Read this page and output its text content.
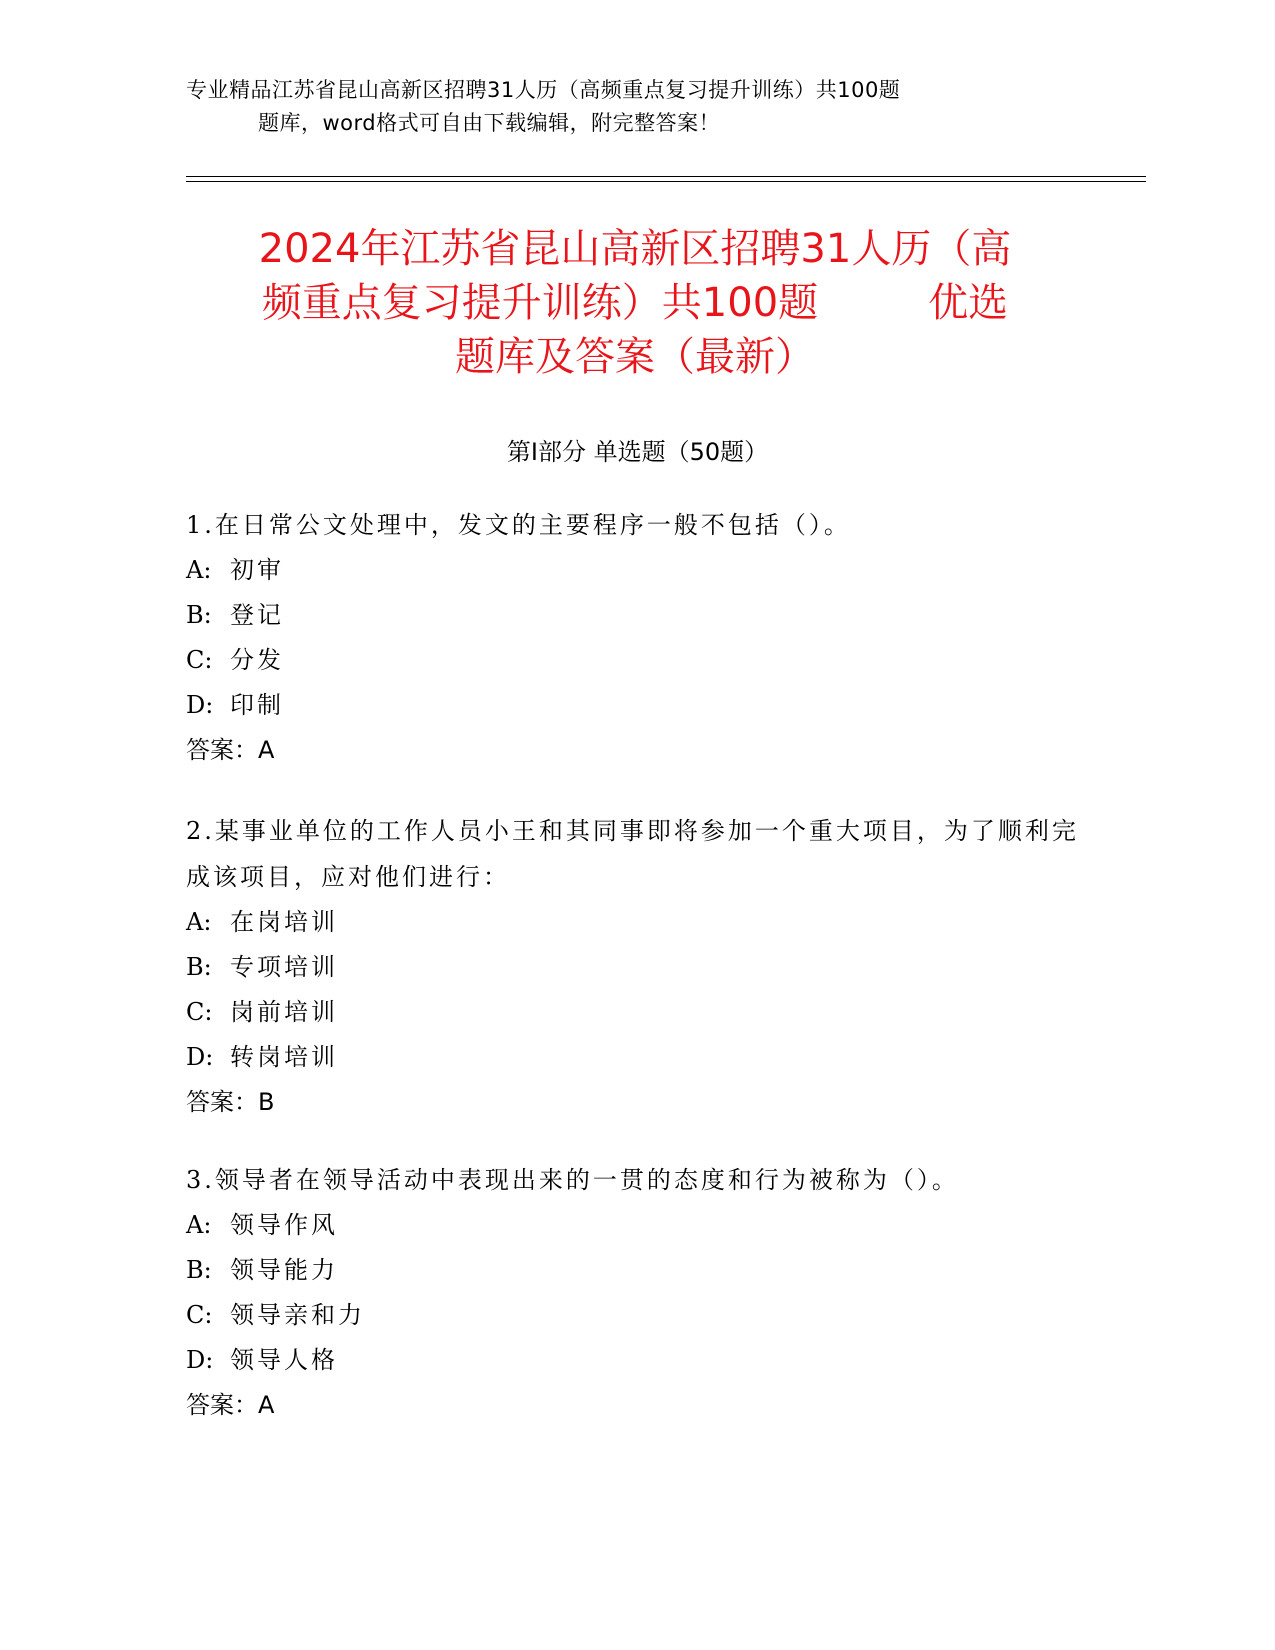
专业精品江苏省昆山高新区招聘31人历（高频重点复习提升训练）共100题
题库，word格式可自由下载编辑，附完整答案！
2024年江苏省昆山高新区招聘31人历（高
频重点复习提升训练）共100题	优选
题库及答案（最新）
第Ⅰ部分 单选题（50题）
1.在日常公文处理中，发文的主要程序一般不包括（）。
A: 初审
B: 登记
C: 分发
D: 印制
答案：A
2.某事业单位的工作人员小王和其同事即将参加一个重大项目，为了顺利完成该项目，应对他们进行：
A: 在岗培训
B: 专项培训
C: 岗前培训
D: 转岗培训
答案：B
3.领导者在领导活动中表现出来的一贯的态度和行为被称为（）。
A: 领导作风
B: 领导能力
C: 领导亲和力
D: 领导人格
答案：A
